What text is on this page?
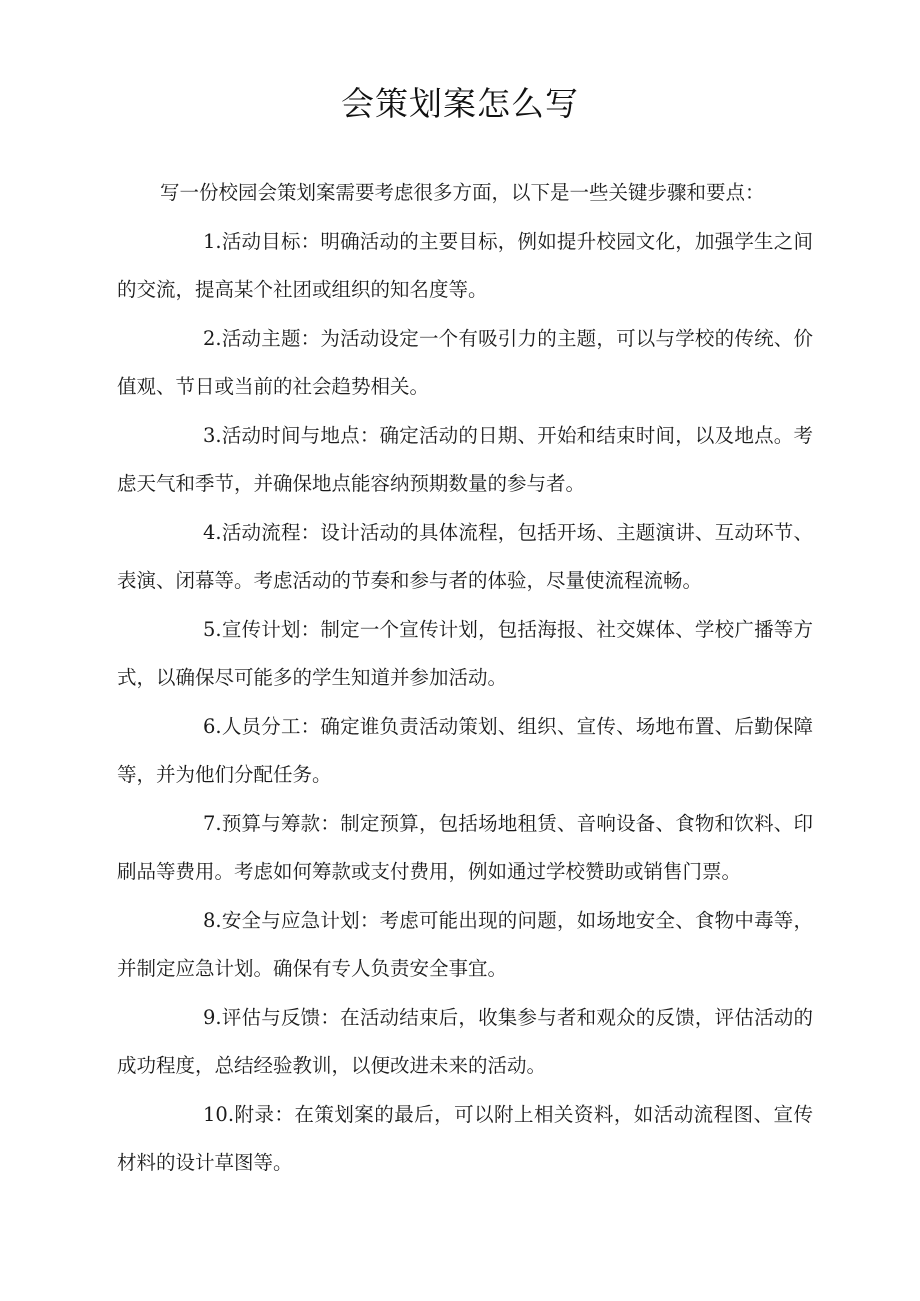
会策划案怎么写

写一份校园会策划案需要考虑很多方面，以下是一些关键步骤和要点：

1.活动目标：明确活动的主要目标，例如提升校园文化，加强学生之间的交流，提高某个社团或组织的知名度等。

2.活动主题：为活动设定一个有吸引力的主题，可以与学校的传统、价值观、节日或当前的社会趋势相关。

3.活动时间与地点：确定活动的日期、开始和结束时间，以及地点。考虑天气和季节，并确保地点能容纳预期数量的参与者。

4.活动流程：设计活动的具体流程，包括开场、主题演讲、互动环节、表演、闭幕等。考虑活动的节奏和参与者的体验，尽量使流程流畅。

5.宣传计划：制定一个宣传计划，包括海报、社交媒体、学校广播等方式，以确保尽可能多的学生知道并参加活动。

6.人员分工：确定谁负责活动策划、组织、宣传、场地布置、后勤保障等，并为他们分配任务。

7.预算与筹款：制定预算，包括场地租赁、音响设备、食物和饮料、印刷品等费用。考虑如何筹款或支付费用，例如通过学校赞助或销售门票。

8.安全与应急计划：考虑可能出现的问题，如场地安全、食物中毒等，并制定应急计划。确保有专人负责安全事宜。

9.评估与反馈：在活动结束后，收集参与者和观众的反馈，评估活动的成功程度，总结经验教训，以便改进未来的活动。

10.附录：在策划案的最后，可以附上相关资料，如活动流程图、宣传材料的设计草图等。
